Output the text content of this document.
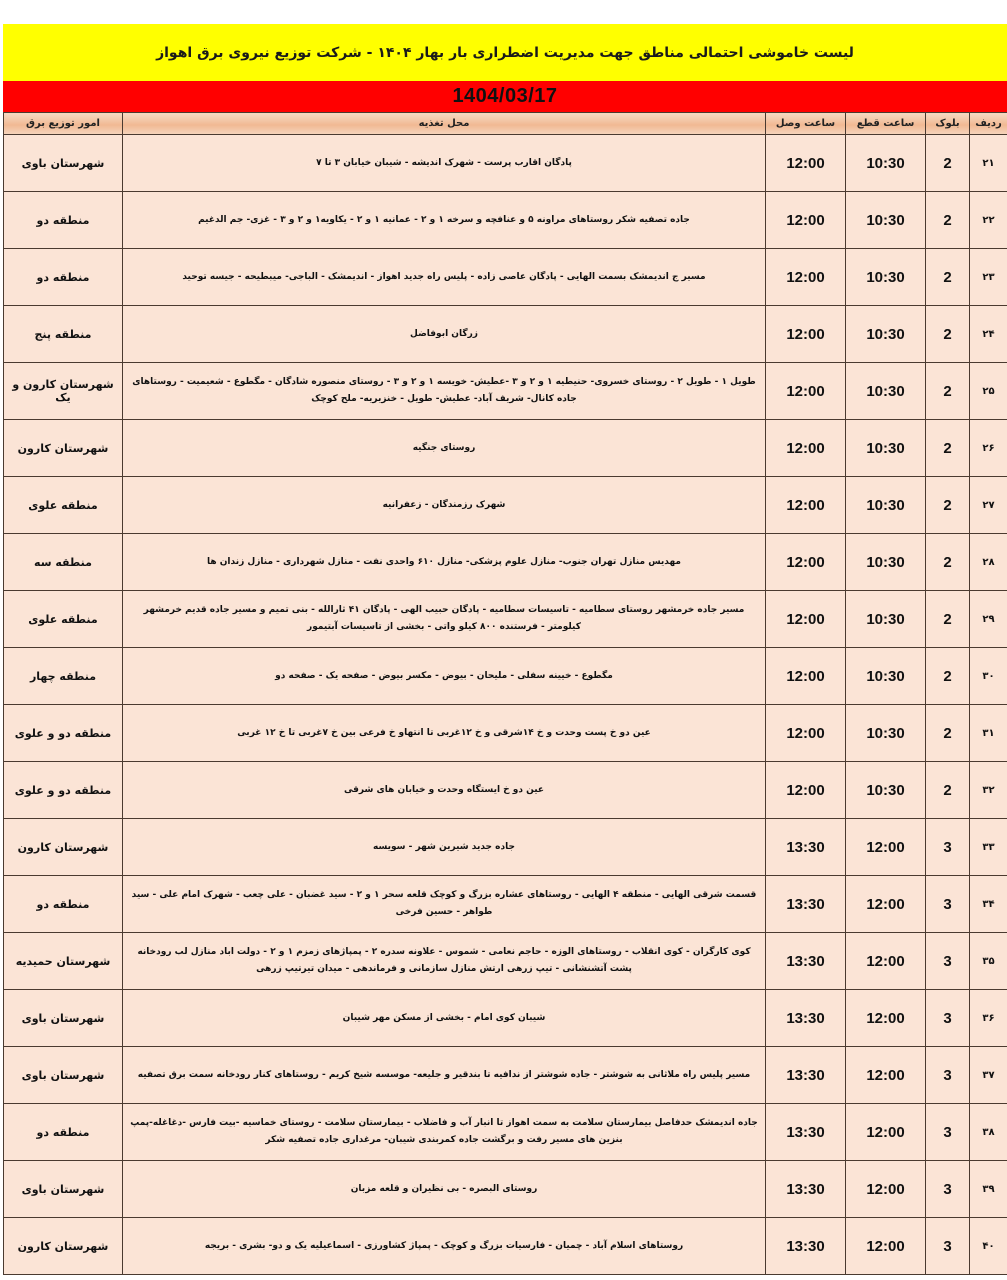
لیست خاموشی احتمالی مناطق جهت مدیریت اضطراری بار بهار ۱۴۰۴ - شرکت توزیع نیروی برق اهواز
1404/03/17
ردیف	بلوک	ساعت قطع	ساعت وصل	محل تغذیه	امور توزیع برق
۲۱	2	10:30	12:00	پادگان اقارب پرست - شهرک اندیشه - شیبان خیابان ۳ تا ۷	شهرستان باوی
۲۲	2	10:30	12:00	جاده تصفیه شکر روستاهای مراونه ۵ و عنافچه و سرخه ۱ و ۲ - عمانیه ۱ و ۲ - یکاویه۱ و ۲ و ۳ - غزی- جم الدغیم	منطقه دو
۲۳	2	10:30	12:00	مسیر ج اندیمشک بسمت الهایی - پادگان عاصی زاده - پلیس راه جدید اهواز - اندیمشک - الباجی- میبطیحه - جیسه توحید	منطقه دو
۲۴	2	10:30	12:00	زرگان ابوفاضل	منطقه پنج
۲۵	2	10:30	12:00	طویل ۱ - طویل ۲ - روستای خسروی- حنیطیه ۱ و ۲ و ۳ -عطیش- خویسه ۱ و ۲ و ۳ - روستای منصوره شادگان - مگطوع - شعیمیت - روستاهای جاده کانال- شریف آباد- عطیش- طویل - خنزیریه- ملح کوچک	شهرستان کارون و یک
۲۶	2	10:30	12:00	روستای جنگیه	شهرستان کارون
۲۷	2	10:30	12:00	شهرک رزمندگان - زعفرانیه	منطقه علوی
۲۸	2	10:30	12:00	مهدیس منازل تهران جنوب- منازل علوم پزشکی- منازل ۶۱۰ واحدی نفت - منازل شهرداری - منازل زندان ها	منطقه سه
۲۹	2	10:30	12:00	مسیر جاده خرمشهر روستای سطامیه - تاسیسات سطامیه - پادگان حبیب الهی - پادگان ۴۱ ثارالله - بنی تمیم و مسیر جاده قدیم خرمشهر کیلومتر - فرستنده ۸۰۰ کیلو واتی - بخشی از تاسیسات آبتیمور	منطقه علوی
۳۰	2	10:30	12:00	مگطوع - خیینه سفلی - ملیحان - بیوض - مکسر بیوض - صفحه یک - صفحه دو	منطقه چهار
۳۱	2	10:30	12:00	عین دو خ پست وحدت و خ ۱۴شرقی و خ ۱۲غربی تا انتهاو خ فرعی بین خ ۷غربی تا خ ۱۲ غربی	منطقه دو و علوی
۳۲	2	10:30	12:00	عین دو خ ایستگاه وحدت و خیابان های شرقی	منطقه دو و علوی
۳۳	3	12:00	13:30	جاده جدید شیرین شهر - سویسه	شهرستان کارون
۳۴	3	12:00	13:30	قسمت شرقی الهایی - منطقه ۴ الهایی - روستاهای عشاره بزرگ و کوچک قلعه سحر ۱ و ۲ - سید غضبان - علی چعب - شهرک امام علی - سید طواهر - حسین فرخی	منطقه دو
۳۵	3	12:00	13:30	کوی کارگران - کوی انقلاب - روستاهای الوزه - حاجم نعامی - شموس - علاونه سدره ۲ - پمپاژهای زمزم ۱ و ۲ - دولت اباد منازل لب رودخانه پشت آتشنشانی - تیپ زرهی ارتش منازل سازمانی و فرماندهی - میدان تیرتیپ زرهی	شهرستان حمیدیه
۳۶	3	12:00	13:30	شیبان کوی امام - بخشی از مسکن مهر شیبان	شهرستان باوی
۳۷	3	12:00	13:30	مسیر پلیس راه ملاثانی به شوشتر - جاده شوشتر از ندافیه تا بندقیر و جلیعه- موسسه شیخ کریم - روستاهای کنار رودخانه سمت برق تصفیه	شهرستان باوی
۳۸	3	12:00	13:30	جاده اندیمشک حدفاصل بیمارستان سلامت به سمت اهواز تا انبار آب و فاضلاب - بیمارستان سلامت - روستای خماسیه -بیت فارس -دغاغله-پمپ بنزین های مسیر رفت و برگشت جاده کمربندی شیبان- مرغداری جاده تصفیه شکر	منطقه دو
۳۹	3	12:00	13:30	روستای البصره - بی نظیران و قلعه مزبان	شهرستان باوی
۴۰	3	12:00	13:30	روستاهای اسلام آباد - چمیان - فارسیات بزرگ و کوچک - پمپاژ کشاورزی - اسماعیلیه یک و دو- بشری - بریجه	شهرستان کارون
